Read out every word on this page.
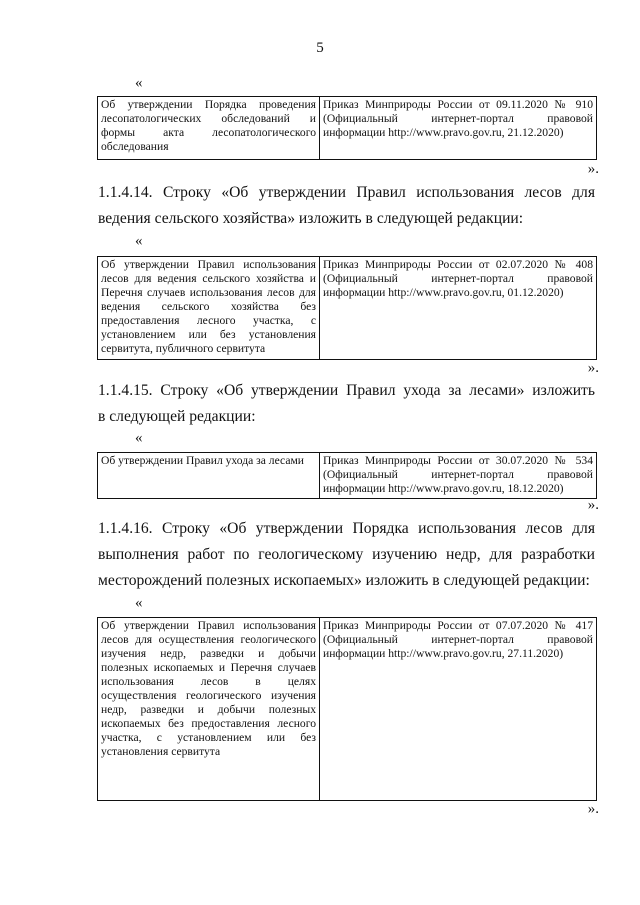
5
«
Об утверждении Порядка проведения лесопатологических обследований и формы акта лесопатологического обследования	Приказ Минприроды России от 09.11.2020 № 910 (Официальный интернет-портал правовой информации http://www.pravo.gov.ru, 21.12.2020)
».
1.1.4.14. Строку «Об утверждении Правил использования лесов для
ведения сельского хозяйства» изложить в следующей редакции:
«
Об утверждении Правил использования лесов для ведения сельского хозяйства и Перечня случаев использования лесов для ведения сельского хозяйства без предоставления лесного участка, с установлением или без установления сервитута, публичного сервитута	Приказ Минприроды России от 02.07.2020 № 408 (Официальный интернет-портал правовой информации http://www.pravo.gov.ru, 01.12.2020)
».
1.1.4.15. Строку «Об утверждении Правил ухода за лесами» изложить
в следующей редакции:
«
Об утверждении Правил ухода за лесами	Приказ Минприроды России от 30.07.2020 № 534 (Официальный интернет-портал правовой информации http://www.pravo.gov.ru, 18.12.2020)
».
1.1.4.16. Строку «Об утверждении Порядка использования лесов для
выполнения работ по геологическому изучению недр, для разработки
месторождений полезных ископаемых» изложить в следующей редакции:
«
Об утверждении Правил использования лесов для осуществления геологического изучения недр, разведки и добычи полезных ископаемых и Перечня случаев использования лесов в целях осуществления геологического изучения недр, разведки и добычи полезных ископаемых без предоставления лесного участка, с установлением или без установления сервитута	Приказ Минприроды России от 07.07.2020 № 417 (Официальный интернет-портал правовой информации http://www.pravo.gov.ru, 27.11.2020)
».
